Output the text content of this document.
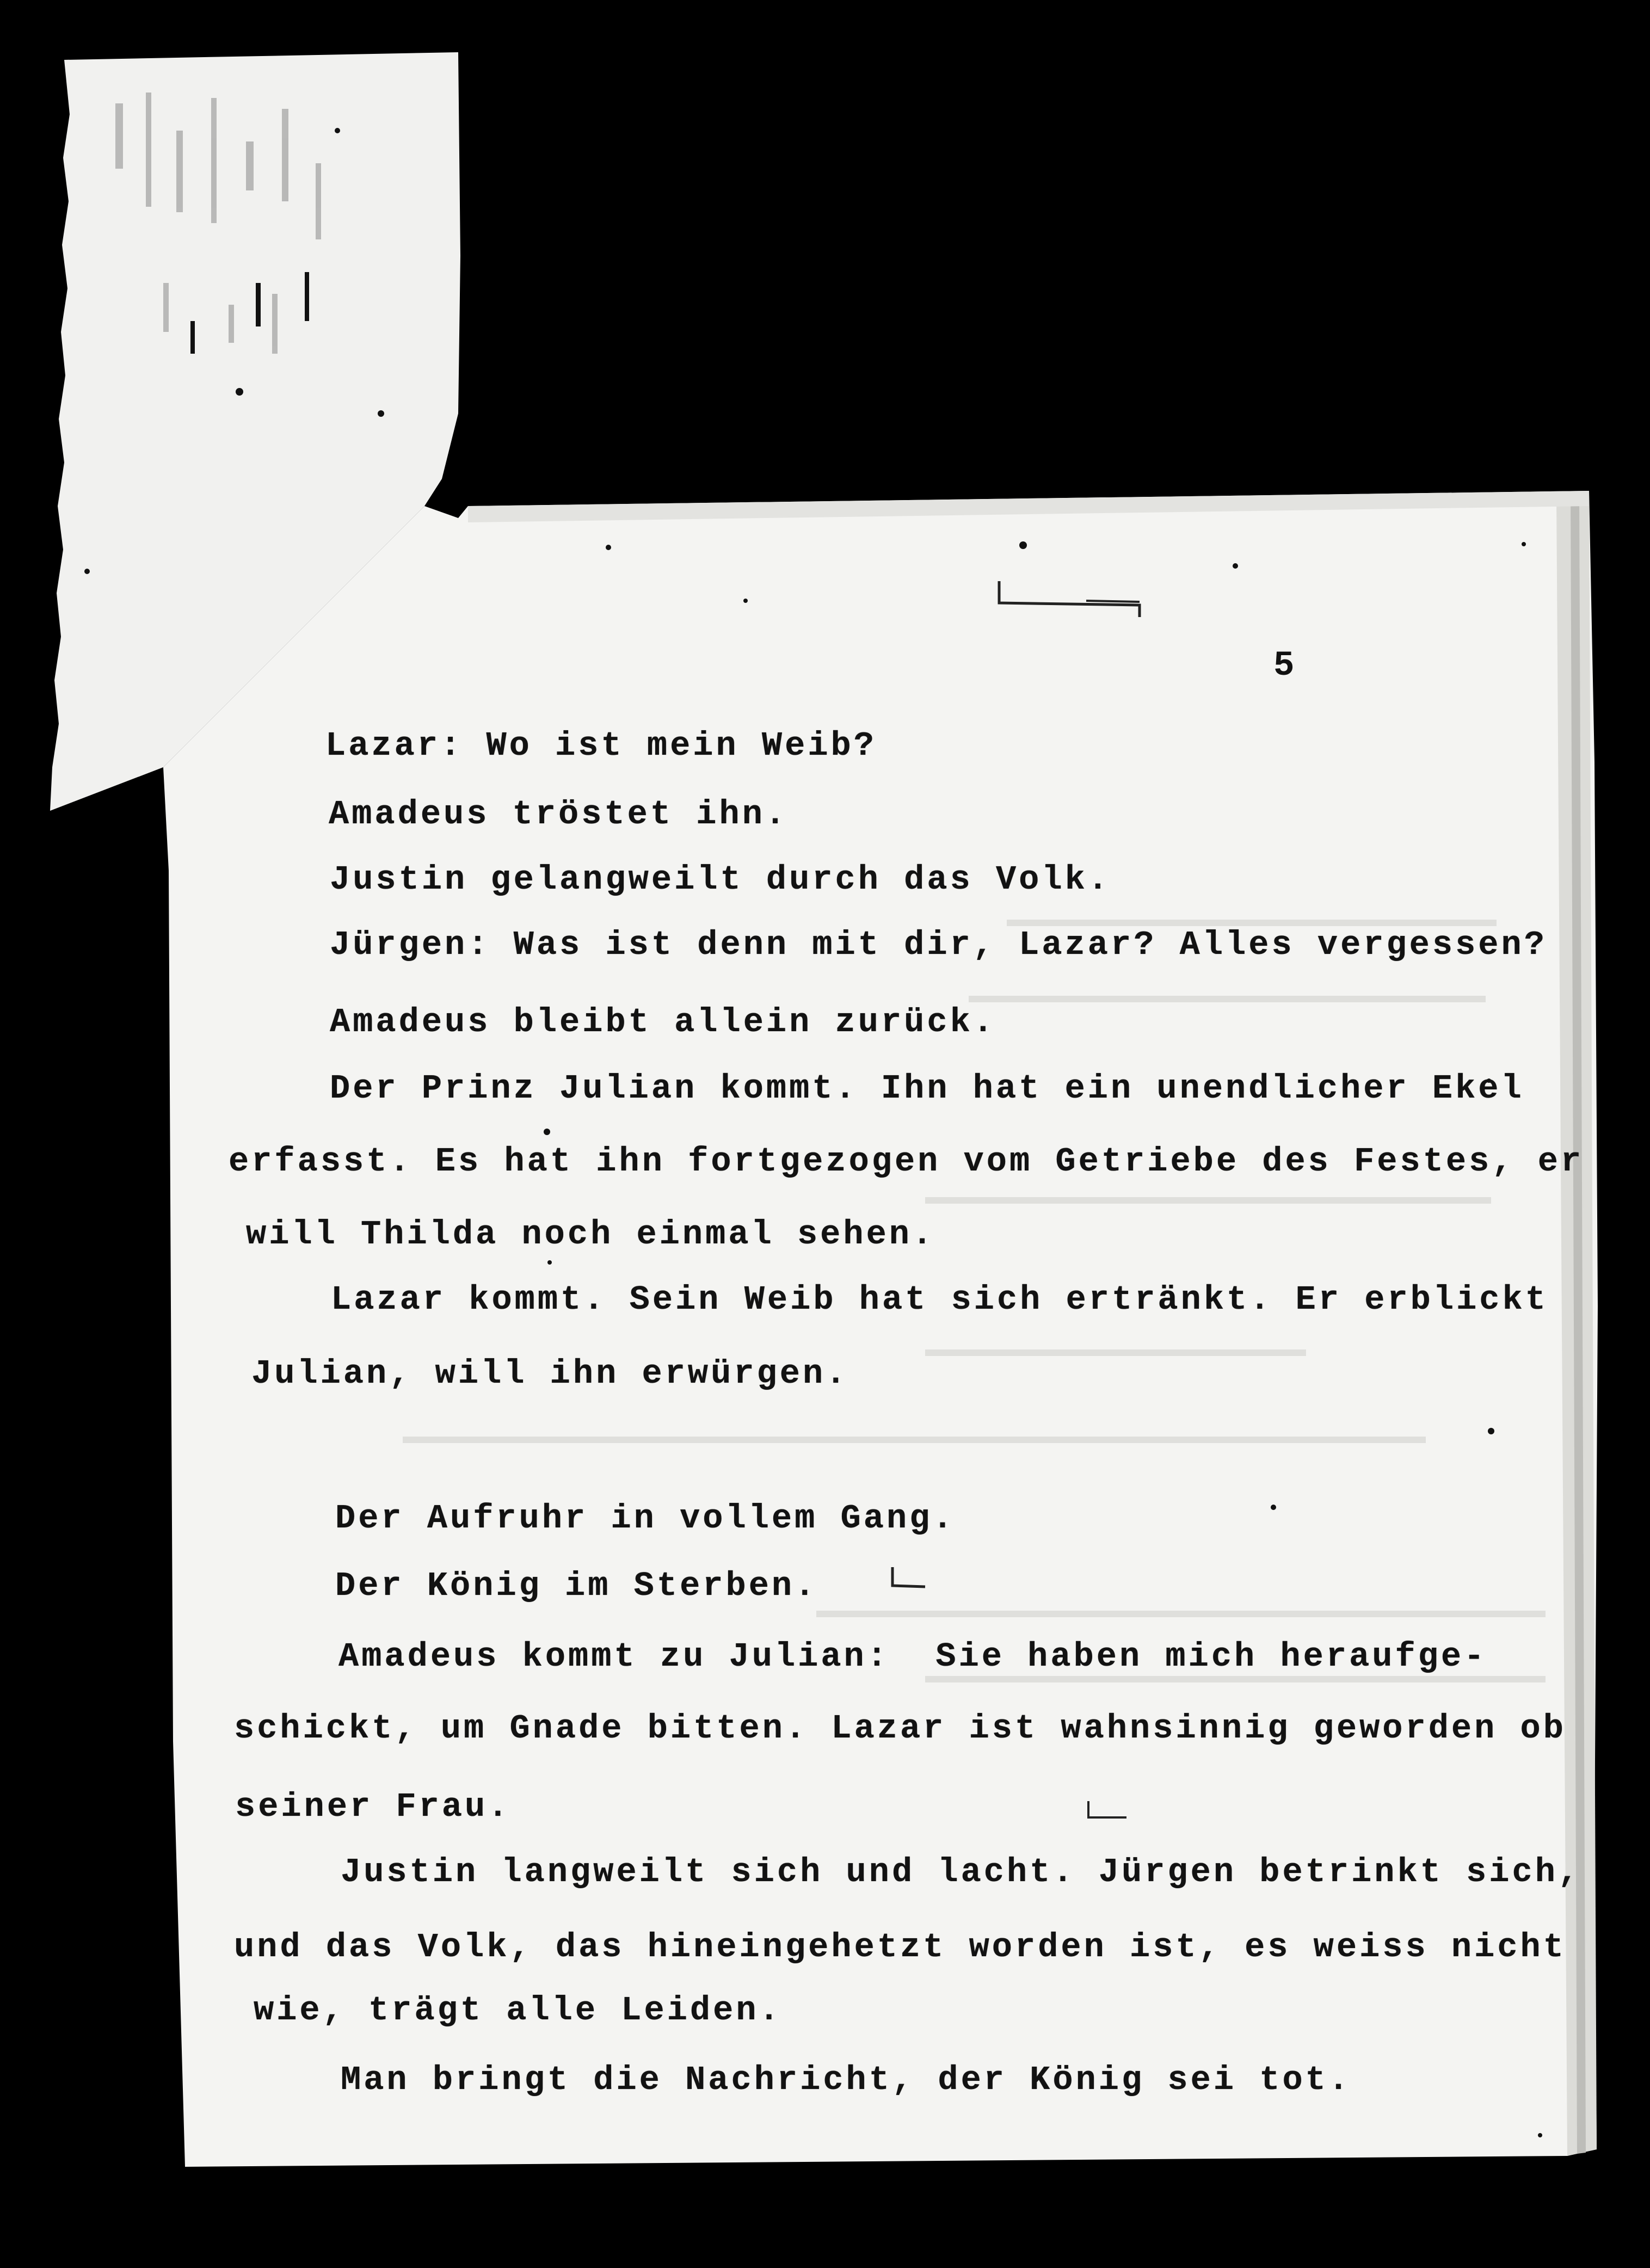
5
Lazar: Wo ist mein Weib?
Amadeus tröstet ihn.
Justin gelangweilt durch das Volk.
Jürgen: Was ist denn mit dir, Lazar? Alles vergessen?
Amadeus bleibt allein zurück.
Der Prinz Julian kommt. Ihn hat ein unendlicher Ekel
erfasst. Es hat ihn fortgezogen vom Getriebe des Festes, er
will Thilda noch einmal sehen.
Lazar kommt. Sein Weib hat sich ertränkt. Er erblickt
Julian, will ihn erwürgen.
Der Aufruhr in vollem Gang.
Der König im Sterben.
Amadeus kommt zu Julian:  Sie haben mich heraufge-
schickt, um Gnade bitten. Lazar ist wahnsinnig geworden ob
seiner Frau.
Justin langweilt sich und lacht. Jürgen betrinkt sich,
und das Volk, das hineingehetzt worden ist, es weiss nicht
wie, trägt alle Leiden.
Man bringt die Nachricht, der König sei tot.
